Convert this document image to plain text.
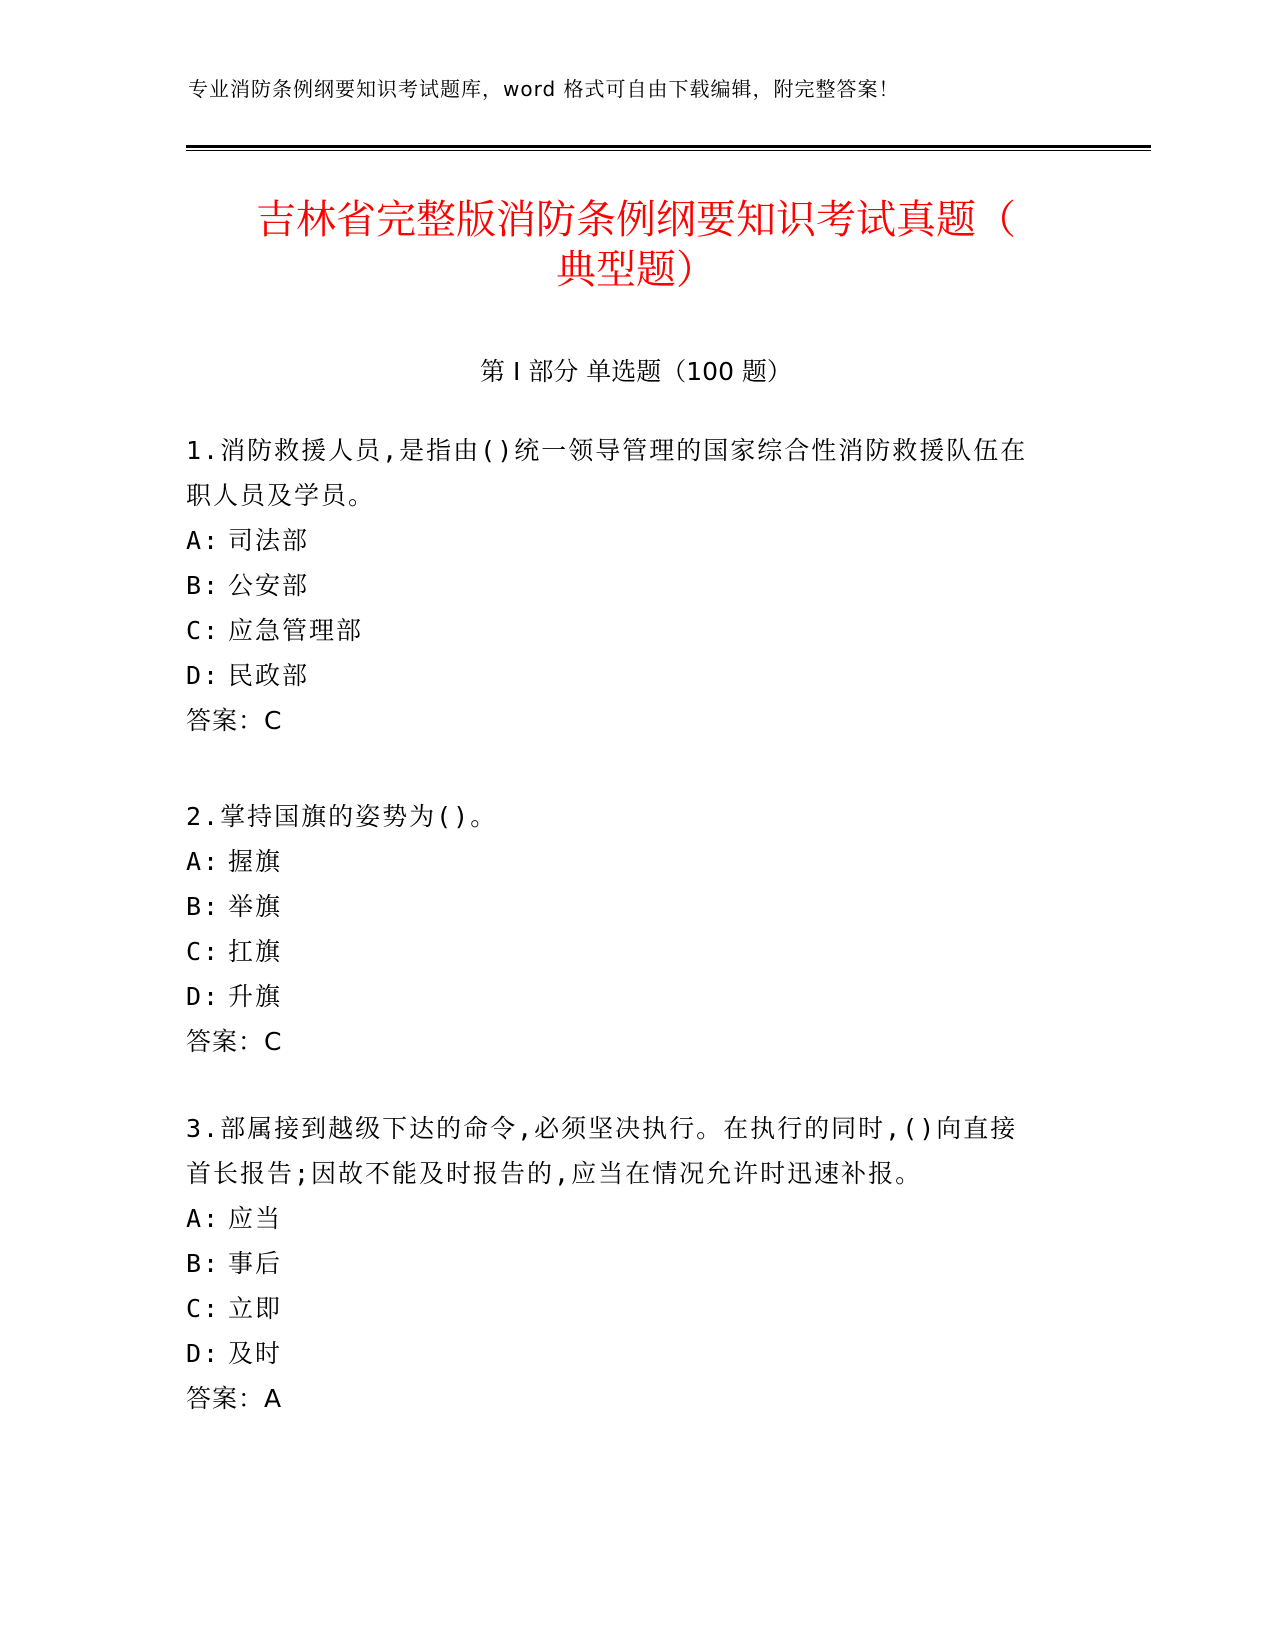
专业消防条例纲要知识考试题库，word 格式可自由下载编辑，附完整答案！
吉林省完整版消防条例纲要知识考试真题（
典型题）
第 I 部分 单选题（100 题）
1.消防救援人员,是指由()统一领导管理的国家综合性消防救援队伍在
职人员及学员。
A: 司法部
B: 公安部
C: 应急管理部
D: 民政部
答案：C
2.掌持国旗的姿势为()。
A: 握旗
B: 举旗
C: 扛旗
D: 升旗
答案：C
3.部属接到越级下达的命令,必须坚决执行。在执行的同时,()向直接
首长报告;因故不能及时报告的,应当在情况允许时迅速补报。
A: 应当
B: 事后
C: 立即
D: 及时
答案：A
